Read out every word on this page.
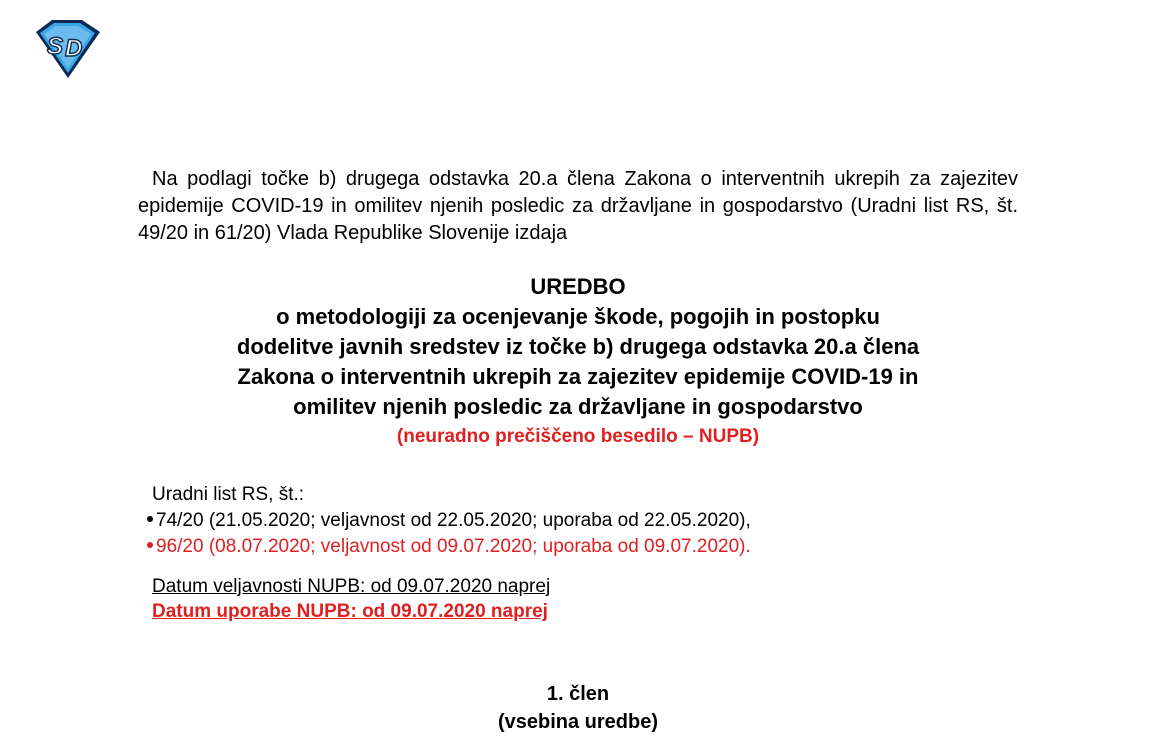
S D

Na podlagi točke b) drugega odstavka 20.a člena Zakona o interventnih ukrepih za zajezitev epidemije COVID-19 in omilitev njenih posledic za državljane in gospodarstvo (Uradni list RS, št. 49/20 in 61/20) Vlada Republike Slovenije izdaja

UREDBO

o metodologiji za ocenjevanje škode, pogojih in postopku

dodelitve javnih sredstev iz točke b) drugega odstavka 20.a člena

Zakona o interventnih ukrepih za zajezitev epidemije COVID-19 in

omilitev njenih posledic za državljane in gospodarstvo

(neuradno prečiščeno besedilo – NUPB)

Uradni list RS, št.:
74/20 (21.05.2020; veljavnost od 22.05.2020; uporaba od 22.05.2020),
96/20 (08.07.2020; veljavnost od 09.07.2020; uporaba od 09.07.2020).
Datum veljavnosti NUPB: od 09.07.2020 naprej
Datum uporabe NUPB: od 09.07.2020 naprej
1. člen
(vsebina uredbe)
